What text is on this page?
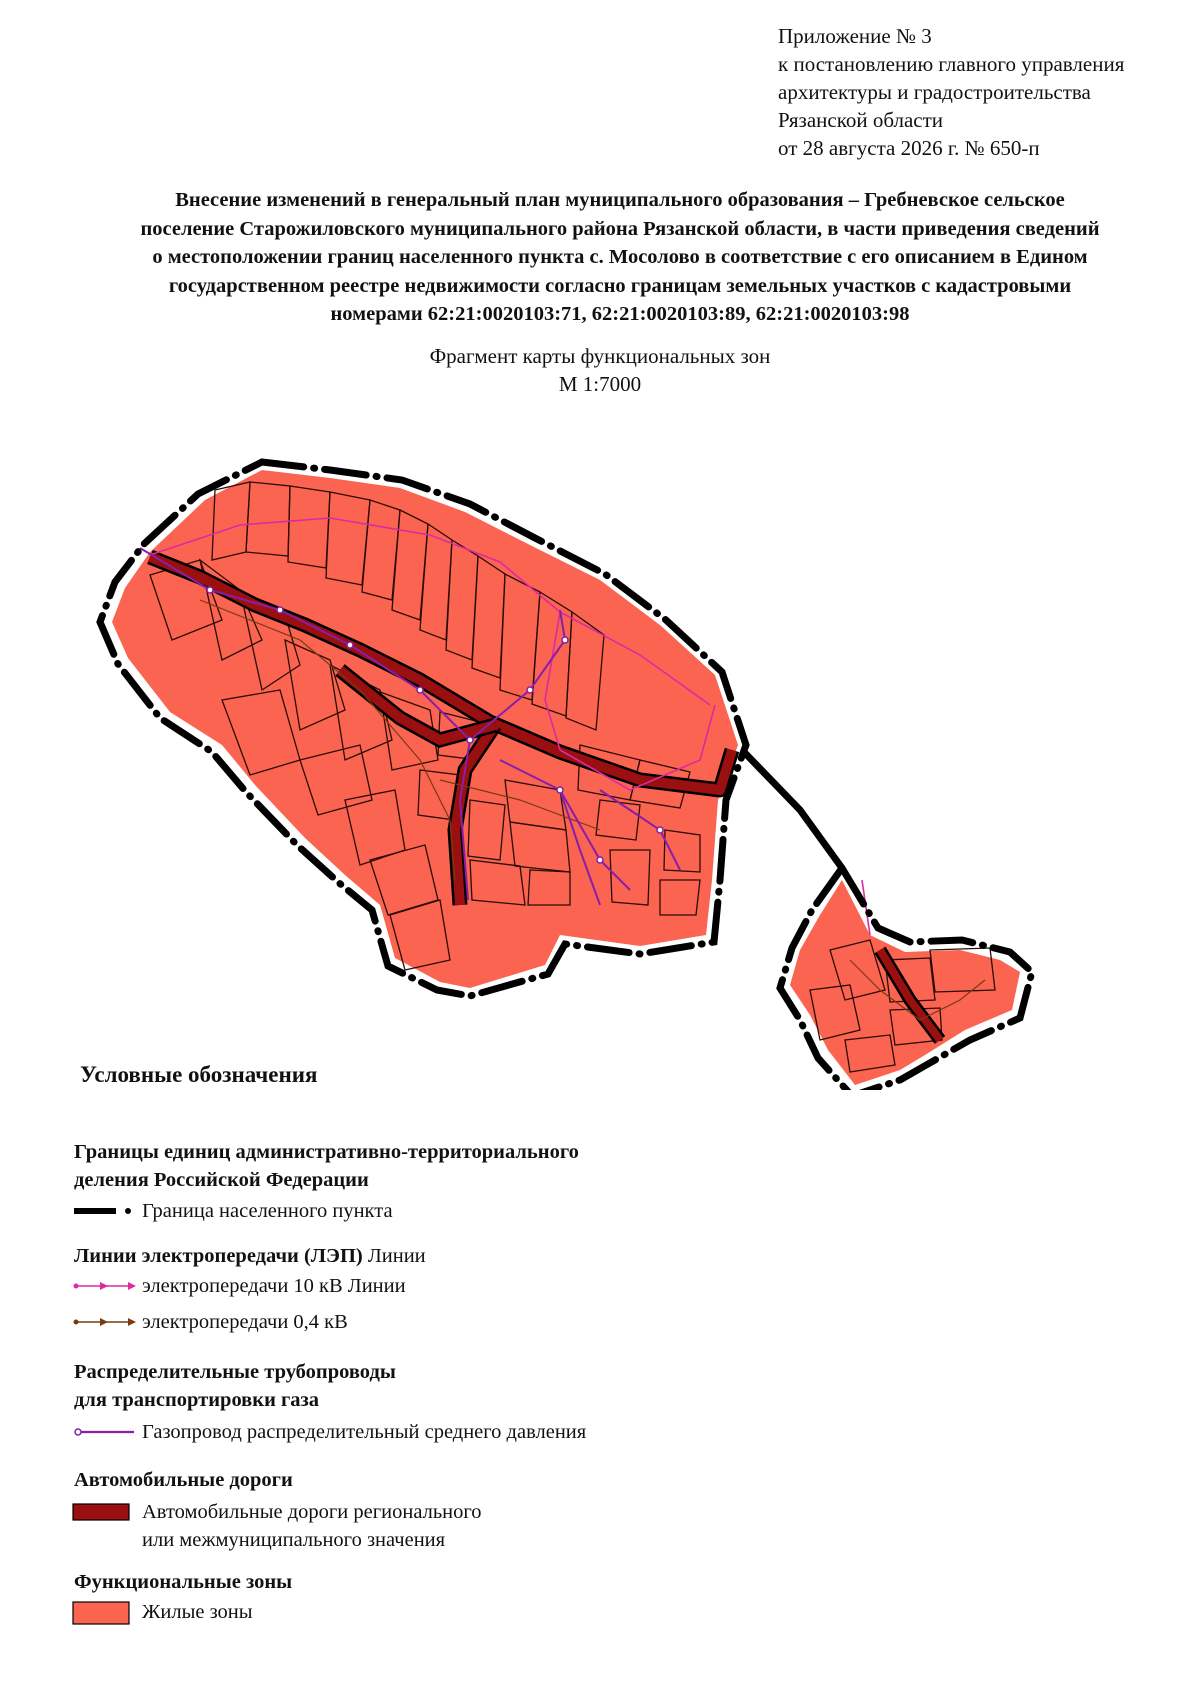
Приложение № 3
к постановлению главного управления
архитектуры и градостроительства
Рязанской области
от 28 августа 2026 г. № 650-п
Внесение изменений в генеральный план муниципального образования – Гребневское сельское
поселение Старожиловского муниципального района Рязанской области, в части приведения сведений
о местоположении границ населенного пункта с. Мосолово в соответствие с его описанием в Едином
государственном реестре недвижимости согласно границам земельных участков с кадастровыми
номерами 62:21:0020103:71, 62:21:0020103:89, 62:21:0020103:98
Фрагмент карты функциональных зон
М 1:7000
Условные обозначения
Границы единиц административно-территориального
деления Российской Федерации
Граница населенного пункта
Линии электропередачи (ЛЭП) Линии
электропередачи 10 кВ Линии
электропередачи 0,4 кВ
Распределительные трубопроводы
для транспортировки газа
Газопровод распределительный среднего давления
Автомобильные дороги
Автомобильные дороги регионального
или межмуниципального значения
Функциональные зоны
Жилые зоны
